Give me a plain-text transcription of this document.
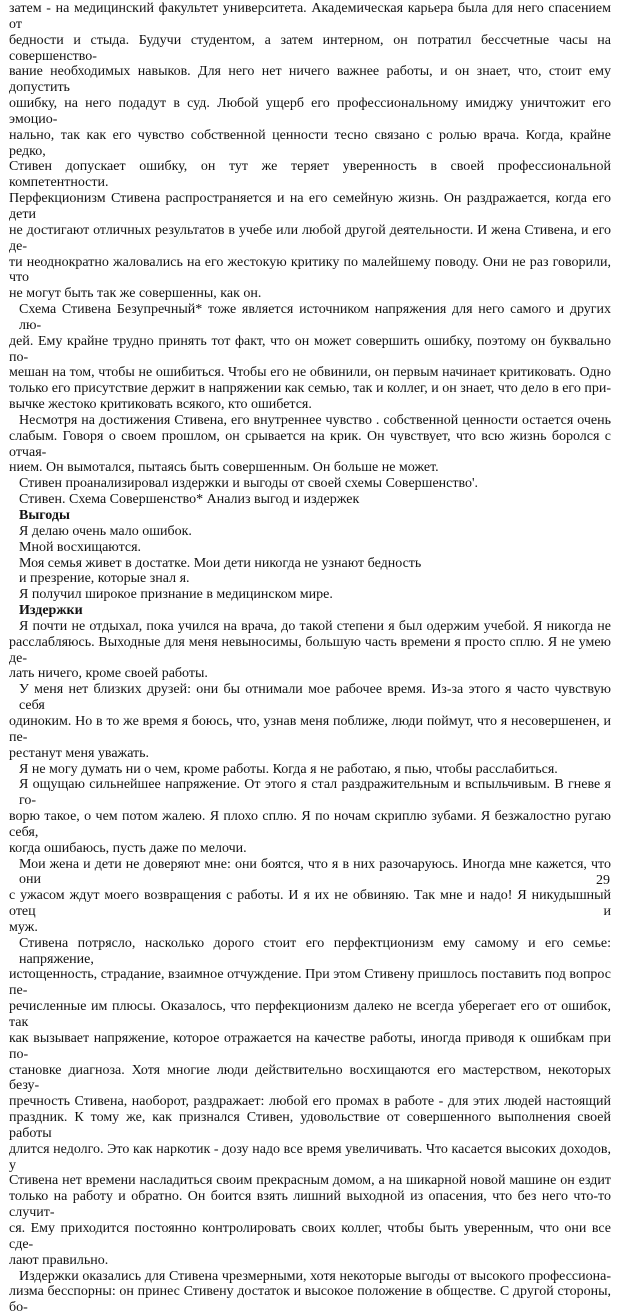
затем - на медицинский факультет университета. Академическая карьера была для него спасением от
бедности и стыда. Будучи студентом, а затем интерном, он потратил бессчетные часы на совершенство-
вание необходимых навыков. Для него нет ничего важнее работы, и он знает, что, стоит ему допустить
ошибку, на него подадут в суд. Любой ущерб его профессиональному имиджу уничтожит его эмоцио-
нально, так как его чувство собственной ценности тесно связано с ролью врача. Когда, крайне редко,
Стивен допускает ошибку, он тут же теряет уверенность в своей профессиональной компетентности.
Перфекционизм Стивена распространяется и на его семейную жизнь. Он раздражается, когда его дети
не достигают отличных результатов в учебе или любой другой деятельности. И жена Стивена, и его де-
ти неоднократно жаловались на его жестокую критику по малейшему поводу. Они не раз говорили, что
не могут быть так же совершенны, как он.
Схема Стивена Безупречный* тоже является источником напряжения для него самого и других лю-
дей. Ему крайне трудно принять тот факт, что он может совершить ошибку, поэтому он буквально по-
мешан на том, чтобы не ошибиться. Чтобы его не обвинили, он первым начинает критиковать. Одно
только его присутствие держит в напряжении как семью, так и коллег, и он знает, что дело в его при-
вычке жестоко критиковать всякого, кто ошибется.
Несмотря на достижения Стивена, его внутреннее чувство . собственной ценности остается очень
слабым. Говоря о своем прошлом, он срывается на крик. Он чувствует, что всю жизнь боролся с отчая-
нием. Он вымотался, пытаясь быть совершенным. Он больше не может.
Стивен проанализировал издержки и выгоды от своей схемы Совершенство'.
Стивен. Схема Совершенство* Анализ выгод и издержек
Выгоды
Я делаю очень мало ошибок.
Мной восхищаются.
Моя семья живет в достатке. Мои дети никогда не узнают бедность
и презрение, которые знал я.
Я получил широкое признание в медицинском мире.
Издержки
Я почти не отдыхал, пока учился на врача, до такой степени я был одержим учебой. Я никогда не
расслабляюсь. Выходные для меня невыносимы, большую часть времени я просто сплю. Я не умею де-
лать ничего, кроме своей работы.
У меня нет близких друзей: они бы отнимали мое рабочее время. Из-за этого я часто чувствую себя
одиноким. Но в то же время я боюсь, что, узнав меня поближе, люди поймут, что я несовершенен, и пе-
рестанут меня уважать.
Я не могу думать ни о чем, кроме работы. Когда я не работаю, я пью, чтобы расслабиться.
Я ощущаю сильнейшее напряжение. От этого я стал раздражительным и вспыльчивым. В гневе я го-
ворю такое, о чем потом жалею. Я плохо сплю. Я по ночам скриплю зубами. Я безжалостно ругаю себя,
когда ошибаюсь, пусть даже по мелочи.
Мои жена и дети не доверяют мне: они боятся, что я в них разочаруюсь. Иногда мне кажется, что они
с ужасом ждут моего возвращения с работы. И я их не обвиняю. Так мне и надо! Я никудышный отец и
муж.
Стивена потрясло, насколько дорого стоит его перфектционизм ему самому и его семье: напряжение,
истощенность, страдание, взаимное отчуждение. При этом Стивену пришлось поставить под вопрос пе-
речисленные им плюсы. Оказалось, что перфекционизм далеко не всегда уберегает его от ошибок, так
как вызывает напряжение, которое отражается на качестве работы, иногда приводя к ошибкам при по-
становке диагноза. Хотя многие люди действительно восхищаются его мастерством, некоторых безу-
пречность Стивена, наоборот, раздражает: любой его промах в работе - для этих людей настоящий
праздник. К тому же, как признался Стивен, удовольствие от совершенного выполнения своей работы
длится недолго. Это как наркотик - дозу надо все время увеличивать. Что касается высоких доходов, у
Стивена нет времени насладиться своим прекрасным домом, а на шикарной новой машине он ездит
только на работу и обратно. Он боится взять лишний выходной из опасения, что без него что-то случит-
ся. Ему приходится постоянно контролировать своих коллег, чтобы быть уверенным, что они все сде-
лают правильно.
Издержки оказались для Стивена чрезмерными, хотя некоторые выгоды от высокого профессиона-
лизма бесспорны: он принес Стивену достаток и высокое положение в обществе. С другой стороны, бо-
29
